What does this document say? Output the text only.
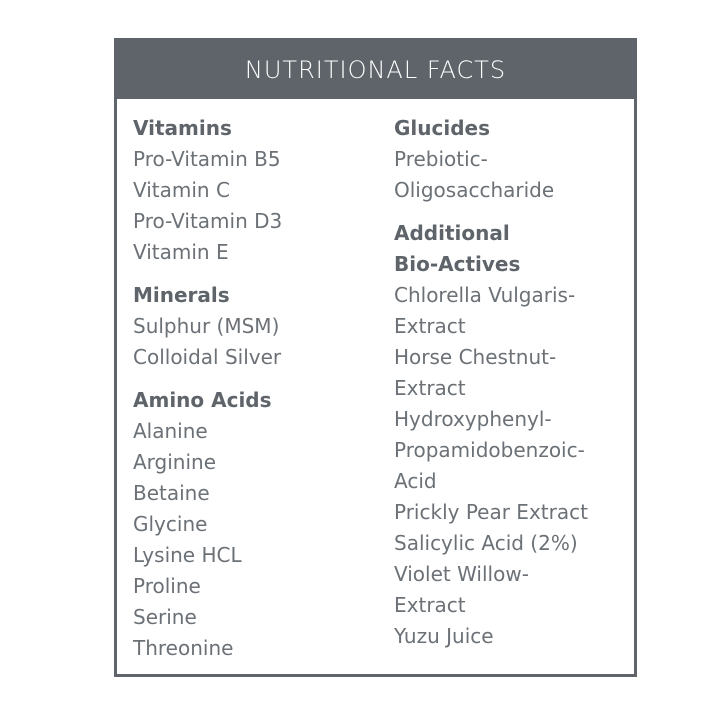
NUTRITIONAL FACTS
Vitamins
Pro-Vitamin B5
Vitamin C
Pro-Vitamin D3
Vitamin E
Minerals
Sulphur (MSM)
Colloidal Silver
Amino Acids
Alanine
Arginine
Betaine
Glycine
Lysine HCL
Proline
Serine
Threonine
Glucides
Prebiotic-
Oligosaccharide
Additional
Bio-Actives
Chlorella Vulgaris-
Extract
Horse Chestnut-
Extract
Hydroxyphenyl-
Propamidobenzoic-
Acid
Prickly Pear Extract
Salicylic Acid (2%)
Violet Willow-
Extract
Yuzu Juice
